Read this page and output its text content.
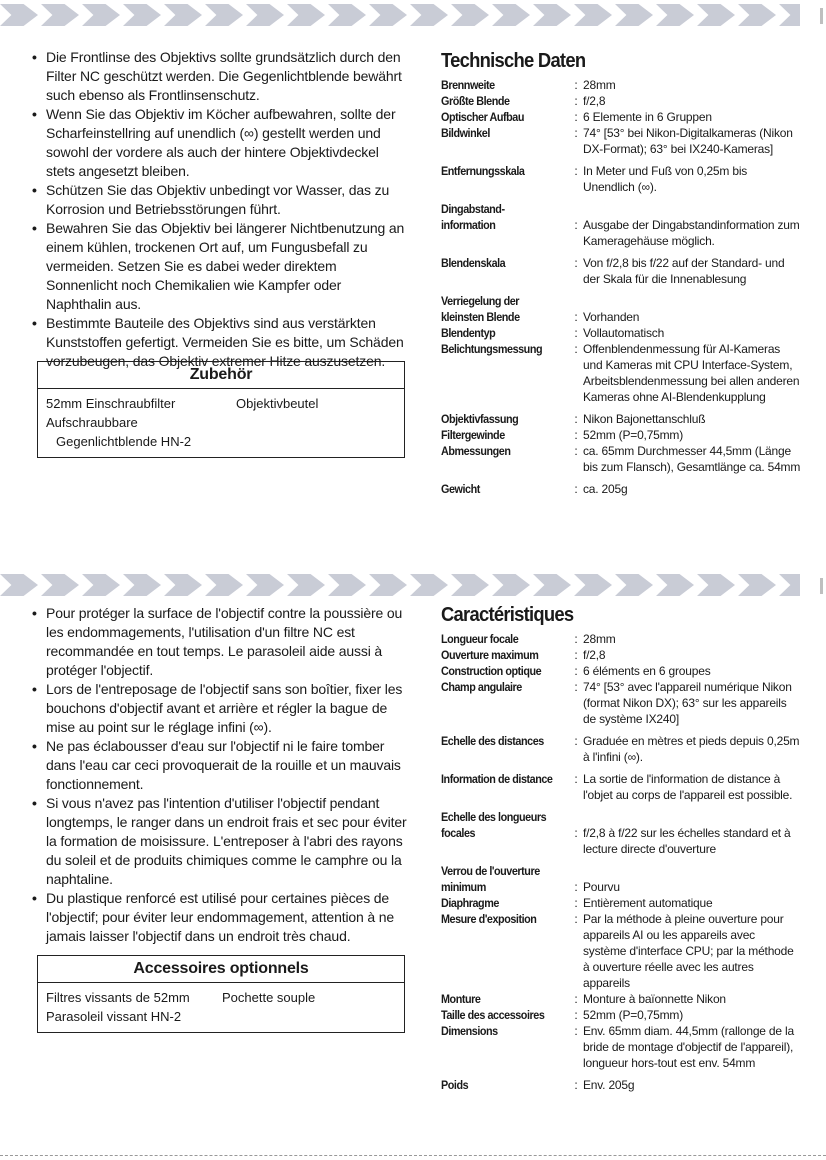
• Die Frontlinse des Objektivs sollte grundsätzlich durch den Filter NC geschützt werden. Die Gegenlichtblende bewährt such ebenso als Frontlinsenschutz.
• Wenn Sie das Objektiv im Köcher aufbewahren, sollte der Scharfeinstellring auf unendlich (∞) gestellt werden und sowohl der vordere als auch der hintere Objektivdeckel stets angesetzt bleiben.
• Schützen Sie das Objektiv unbedingt vor Wasser, das zu Korrosion und Betriebsstörungen führt.
• Bewahren Sie das Objektiv bei längerer Nichtbenutzung an einem kühlen, trockenen Ort auf, um Fungusbefall zu vermeiden. Setzen Sie es dabei weder direktem Sonnenlicht noch Chemikalien wie Kampfer oder Naphthalin aus.
• Bestimmte Bauteile des Objektivs sind aus verstärkten Kunststoffen gefertigt. Vermeiden Sie es bitte, um Schäden vorzubeugen, das Objektiv extremer Hitze auszusetzen.
Zubehör
52mm Einschraubfilter	Objektivbeutel
Aufschraubbare
Gegenlichtblende HN-2
Technische Daten
Brennweite	: 28mm
Größte Blende	: f/2,8
Optischer Aufbau	: 6 Elemente in 6 Gruppen
Bildwinkel	: 74° [53° bei Nikon-Digitalkameras (Nikon DX-Format); 63° bei IX240-Kameras]
Entfernungsskala	: In Meter und Fuß von 0,25m bis Unendlich (∞).
Dingabstand-
information	: Ausgabe der Dingabstandinformation zum Kameragehäuse möglich.
Blendenskala	: Von f/2,8 bis f/22 auf der Standard- und der Skala für die Innenablesung
Verriegelung der
kleinsten Blende	: Vorhanden
Blendentyp	: Vollautomatisch
Belichtungsmessung	: Offenblendenmessung für AI-Kameras und Kameras mit CPU Interface-System, Arbeitsblendenmessung bei allen anderen Kameras ohne AI-Blendenkupplung
Objektivfassung	: Nikon Bajonettanschluß
Filtergewinde	: 52mm (P=0,75mm)
Abmessungen	: ca. 65mm Durchmesser 44,5mm (Länge bis zum Flansch), Gesamtlänge ca. 54mm
Gewicht	: ca. 205g
• Pour protéger la surface de l'objectif contre la poussière ou les endommagements, l'utilisation d'un filtre NC est recommandée en tout temps. Le parasoleil aide aussi à protéger l'objectif.
• Lors de l'entreposage de l'objectif sans son boîtier, fixer les bouchons d'objectif avant et arrière et régler la bague de mise au point sur le réglage infini (∞).
• Ne pas éclabousser d'eau sur l'objectif ni le faire tomber dans l'eau car ceci provoquerait de la rouille et un mauvais fonctionnement.
• Si vous n'avez pas l'intention d'utiliser l'objectif pendant longtemps, le ranger dans un endroit frais et sec pour éviter la formation de moisissure. L'entreposer à l'abri des rayons du soleil et de produits chimiques comme le camphre ou la naphtaline.
• Du plastique renforcé est utilisé pour certaines pièces de l'objectif; pour éviter leur endommagement, attention à ne jamais laisser l'objectif dans un endroit très chaud.
Accessoires optionnels
Filtres vissants de 52mm	Pochette souple
Parasoleil vissant HN-2
Caractéristiques
Longueur focale	: 28mm
Ouverture maximum	: f/2,8
Construction optique	: 6 éléments en 6 groupes
Champ angulaire	: 74° [53° avec l'appareil numérique Nikon (format Nikon DX); 63° sur les appareils de système IX240]
Echelle des distances	: Graduée en mètres et pieds depuis 0,25m à l'infini (∞).
Information de distance	: La sortie de l'information de distance à l'objet au corps de l'appareil est possible.
Echelle des longueurs
focales	: f/2,8 à f/22 sur les échelles standard et à lecture directe d'ouverture
Verrou de l'ouverture
minimum	: Pourvu
Diaphragme	: Entièrement automatique
Mesure d'exposition	: Par la méthode à pleine ouverture pour appareils AI ou les appareils avec système d'interface CPU; par la méthode à ouverture réelle avec les autres appareils
Monture	: Monture à baïonnette Nikon
Taille des accessoires	: 52mm (P=0,75mm)
Dimensions	: Env. 65mm diam. 44,5mm (rallonge de la bride de montage d'objectif de l'appareil), longueur hors-tout est env. 54mm
Poids	: Env. 205g
